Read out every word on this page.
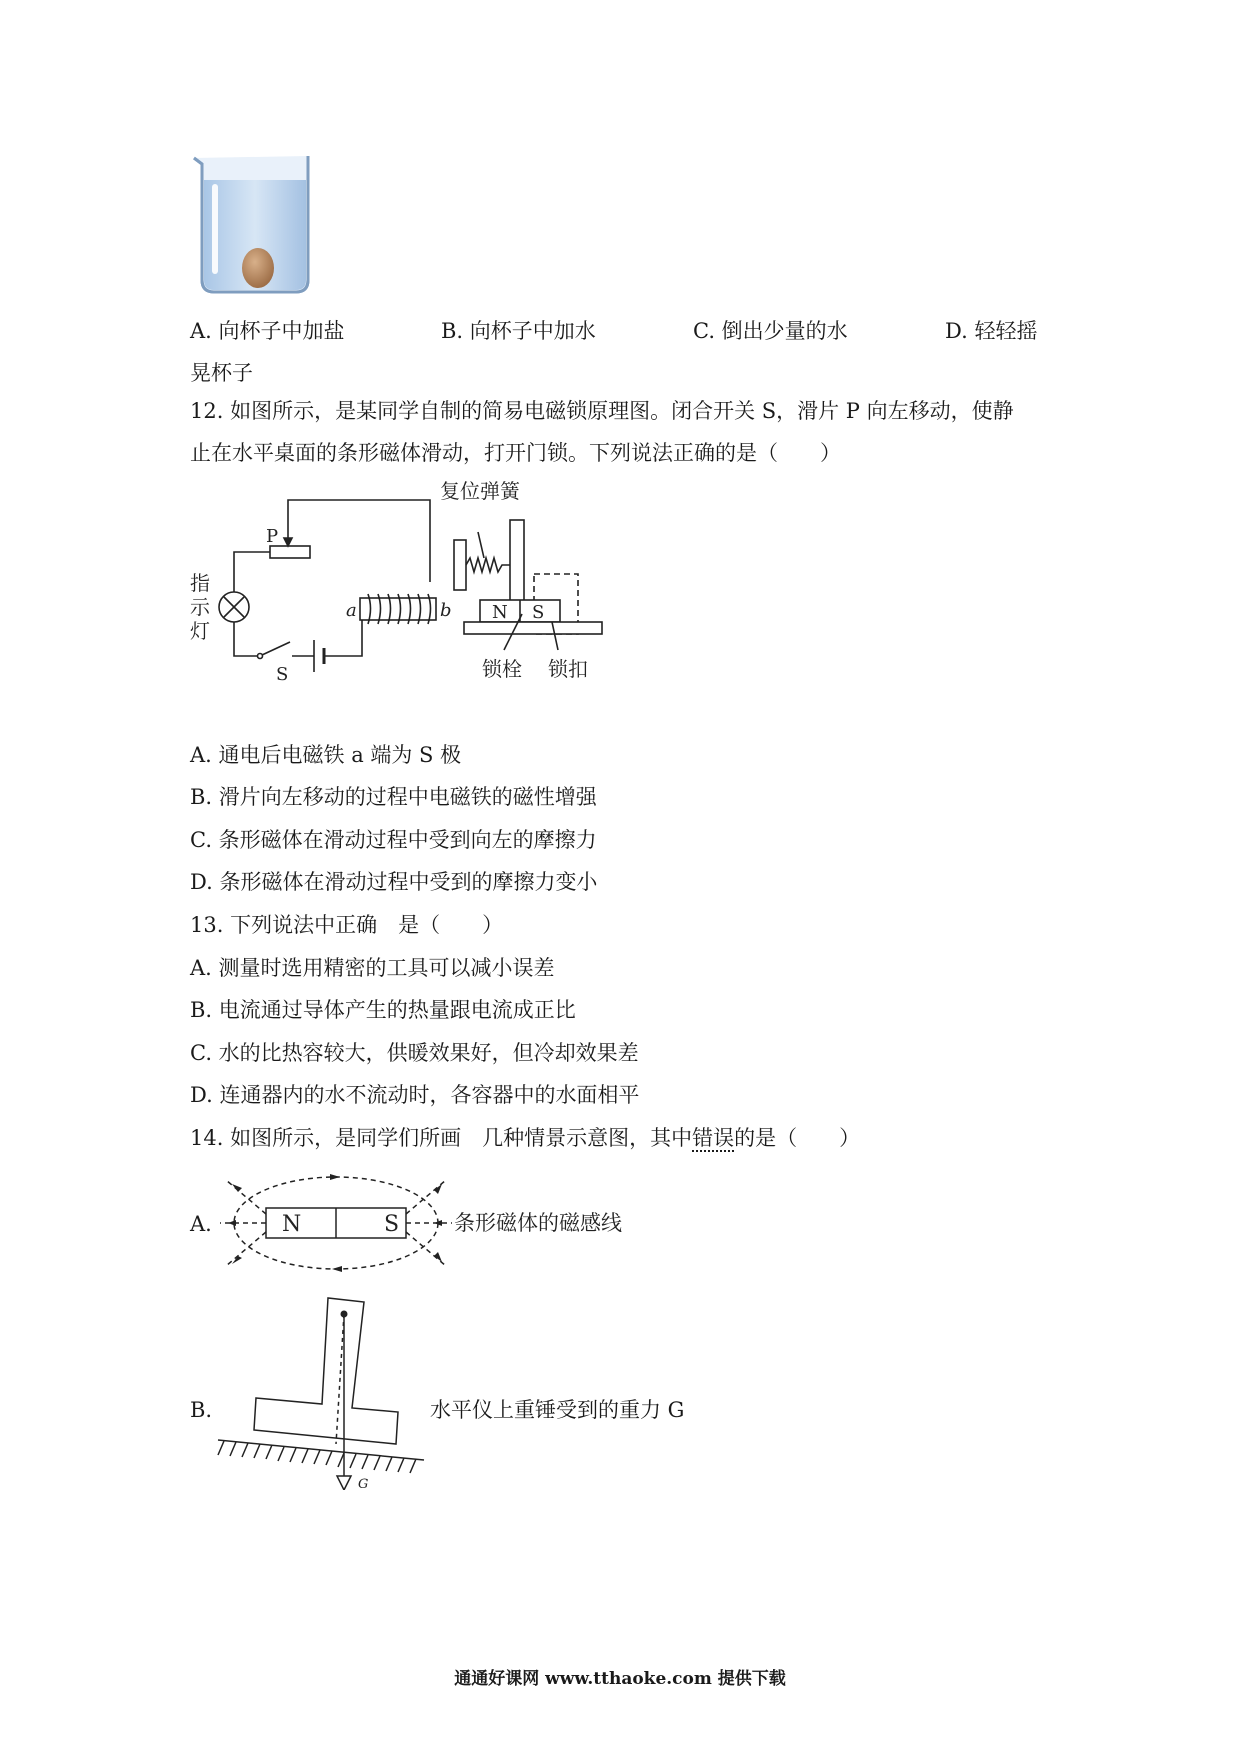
A. 向杯子中加盐	B. 向杯子中加水	C. 倒出少量的水	D. 轻轻摇
晃杯子
12. 如图所示，是某同学自制的简易电磁锁原理图。闭合开关 S，滑片 P 向左移动，使静
止在水平桌面的条形磁体滑动，打开门锁。下列说法正确的是（　　）
复位弹簧
P
指
示
灯
a	b
S
N S
锁栓 锁扣
A. 通电后电磁铁 a 端为 S 极
B. 滑片向左移动的过程中电磁铁的磁性增强
C. 条形磁体在滑动过程中受到向左的摩擦力
D. 条形磁体在滑动过程中受到的摩擦力变小
13. 下列说法中正确　是（　　）
A. 测量时选用精密的工具可以减小误差
B. 电流通过导体产生的热量跟电流成正比
C. 水的比热容较大，供暖效果好，但冷却效果差
D. 连通器内的水不流动时，各容器中的水面相平
14. 如图所示，是同学们所画　几种情景示意图，其中错误的是（　　）
A.	N	S	条形磁体的磁感线
B.
G
水平仪上重锤受到的重力 G
通通好课网 www.tthaoke.com 提供下载
